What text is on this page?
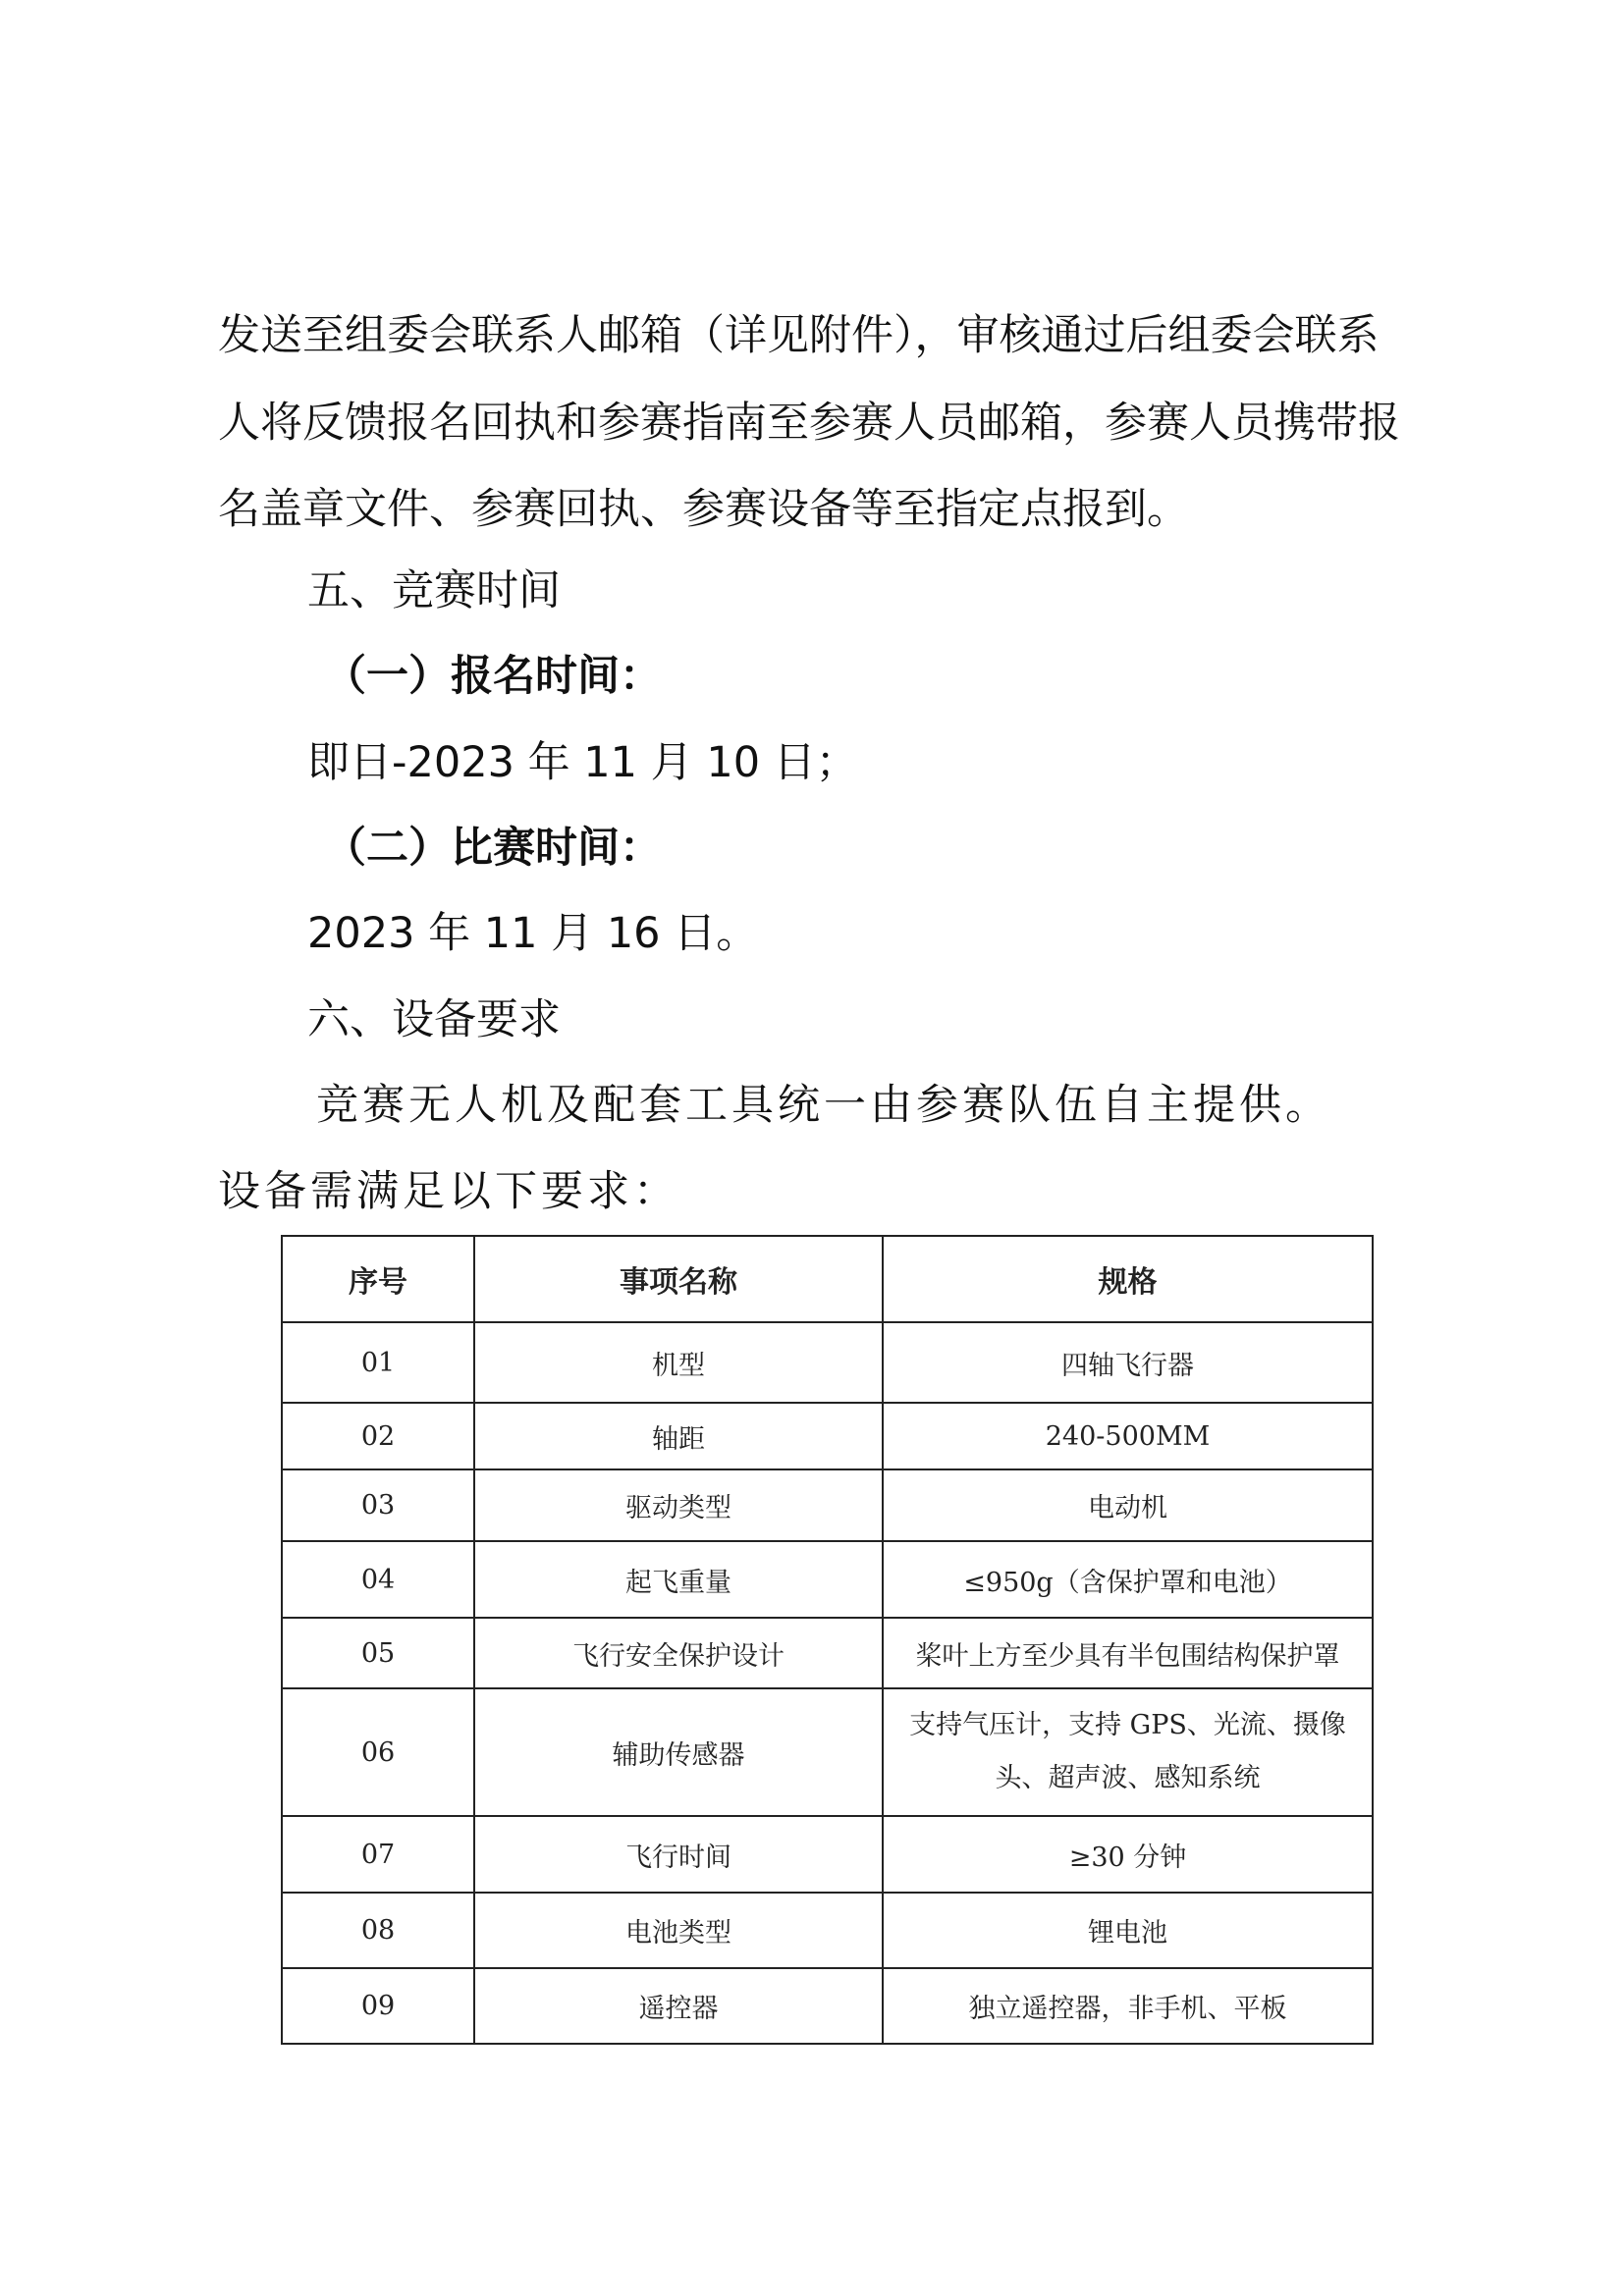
发送至组委会联系人邮箱（详见附件），审核通过后组委会联系
人将反馈报名回执和参赛指南至参赛人员邮箱，参赛人员携带报
名盖章文件、参赛回执、参赛设备等至指定点报到。
五、竞赛时间
（一）报名时间：
即日-2023 年 11 月 10 日；
（二）比赛时间：
2023 年 11 月 16 日。
六、设备要求
竞赛无人机及配套工具统一由参赛队伍自主提供。
设备需满足以下要求：
序号	事项名称	规格
01	机型	四轴飞行器
02	轴距	240-500MM
03	驱动类型	电动机
04	起飞重量	≤950g（含保护罩和电池）
05	飞行安全保护设计	桨叶上方至少具有半包围结构保护罩
06	辅助传感器	支持气压计，支持 GPS、光流、摄像头、超声波、感知系统
07	飞行时间	≥30 分钟
08	电池类型	锂电池
09	遥控器	独立遥控器，非手机、平板
